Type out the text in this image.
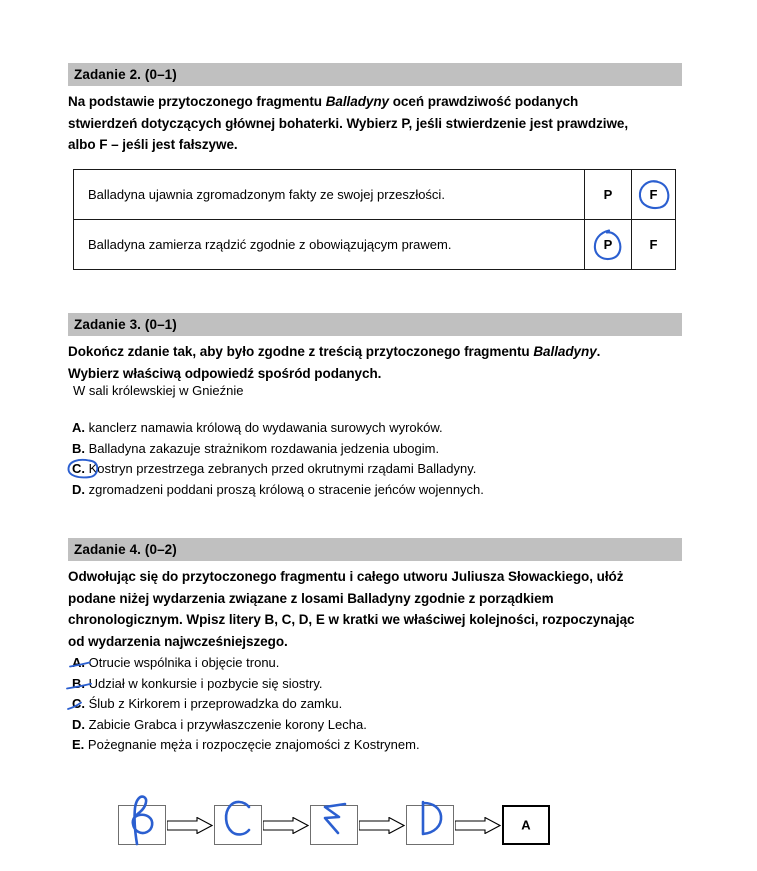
Zadanie 2. (0–1)
Na podstawie przytoczonego fragmentu Balladyny oceń prawdziwość podanych stwierdzeń dotyczących głównej bohaterki. Wybierz P, jeśli stwierdzenie jest prawdziwe, albo F – jeśli jest fałszywe.
Balladyna ujawnia zgromadzonym fakty ze swojej przeszłości.	P	F

Balladyna zamierza rządzić zgodnie z obowiązującym prawem.	P	F
Zadanie 3. (0–1)
Dokończ zdanie tak, aby było zgodne z treścią przytoczonego fragmentu Balladyny. Wybierz właściwą odpowiedź spośród podanych.
W sali królewskiej w Gnieźnie
A. kanclerz namawia królową do wydawania surowych wyroków.
B. Balladyna zakazuje strażnikom rozdawania jedzenia ubogim.
C. Kostryn przestrzega zebranych przed okrutnymi rządami Balladyny.
D. zgromadzeni poddani proszą królową o stracenie jeńców wojennych.
Zadanie 4. (0–2)
Odwołując się do przytoczonego fragmentu i całego utworu Juliusza Słowackiego, ułóż podane niżej wydarzenia związane z losami Balladyny zgodnie z porządkiem chronologicznym. Wpisz litery B, C, D, E w kratki we właściwej kolejności, rozpoczynając od wydarzenia najwcześniejszego.
A. Otrucie wspólnika i objęcie tronu.
B. Udział w konkursie i pozbycie się siostry.
C. Ślub z Kirkorem i przeprowadzka do zamku.
D. Zabicie Grabca i przywłaszczenie korony Lecha.
E. Pożegnanie męża i rozpoczęcie znajomości z Kostrynem.
A
